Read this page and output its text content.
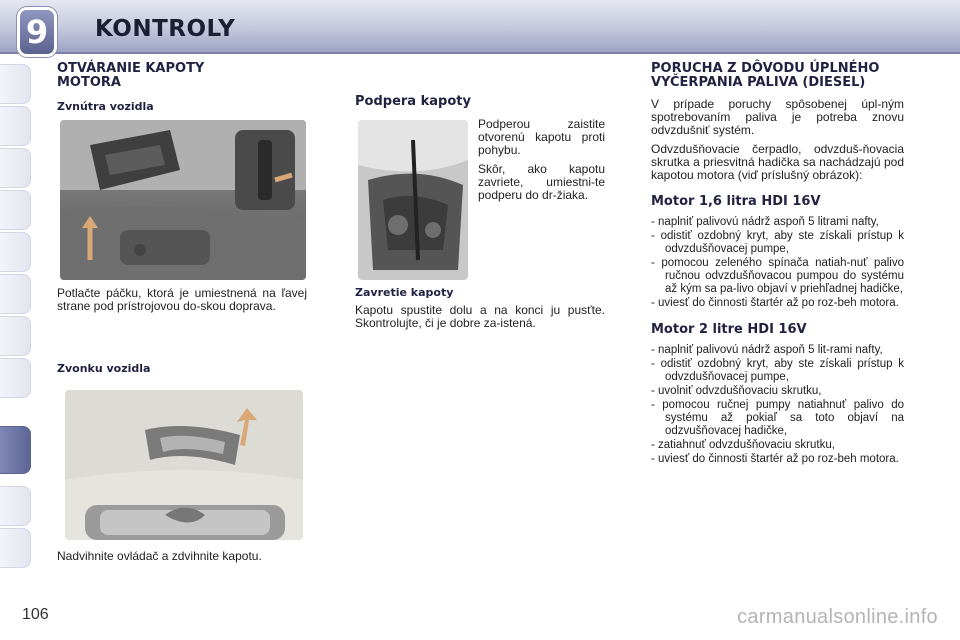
9 KONTROLY
OTVÁRANIE KAPOTY MOTORA
Zvnútra vozidla

Potlačte páčku, ktorá je umiestnená na ľavej strane pod prístrojovou do-skou doprava.

Zvonku vozidla

Nadvihnite ovládač a zdvihnite kapotu.

Podpera kapoty

Podperou zaistite otvorenú kapotu proti pohybu.

Skôr, ako kapotu zavriete, umiestni-te podperu do dr-žiaka.

Zavretie kapoty

Kapotu spustite dolu a na konci ju pusťte. Skontrolujte, či je dobre za-istená.

PORUCHA Z DÔVODU ÚPLNÉHO VYČERPANIA PALIVA (DIESEL)

V prípade poruchy spôsobenej úpl-ným spotrebovaním paliva je potreba znovu odvzdušniť systém.

Odvzdušňovacie čerpadlo, odvzduš-ňovacia skrutka a priesvitná hadička sa nachádzajú pod kapotou motora (viď príslušný obrázok):

Motor 1,6 litra HDI 16V

- naplniť palivovú nádrž aspoň 5 litrami nafty,

- odistiť ozdobný kryt, aby ste získali prístup k odvzdušňovacej pumpe,

- pomocou zeleného spínača natiah-nuť palivo ručnou odvzdušňovacou pumpou do systému až kým sa pa-livo objaví v priehľadnej hadičke,

- uviesť do činnosti štartér až po roz-beh motora.

Motor 2 litre HDI 16V

- naplniť palivovú nádrž aspoň 5 lit-rami nafty,

- odistiť ozdobný kryt, aby ste získali prístup k odvzdušňovacej pumpe,

- uvolniť odvzdušňovaciu skrutku,

- pomocou ručnej pumpy natiahnuť palivo do systému až pokiaľ sa toto objaví na odzvušňovacej hadičke,

- zatiahnuť odvzdušňovaciu skrutku,

- uviesť do činnosti štartér až po roz-beh motora.

106	carmanualsonline.info
